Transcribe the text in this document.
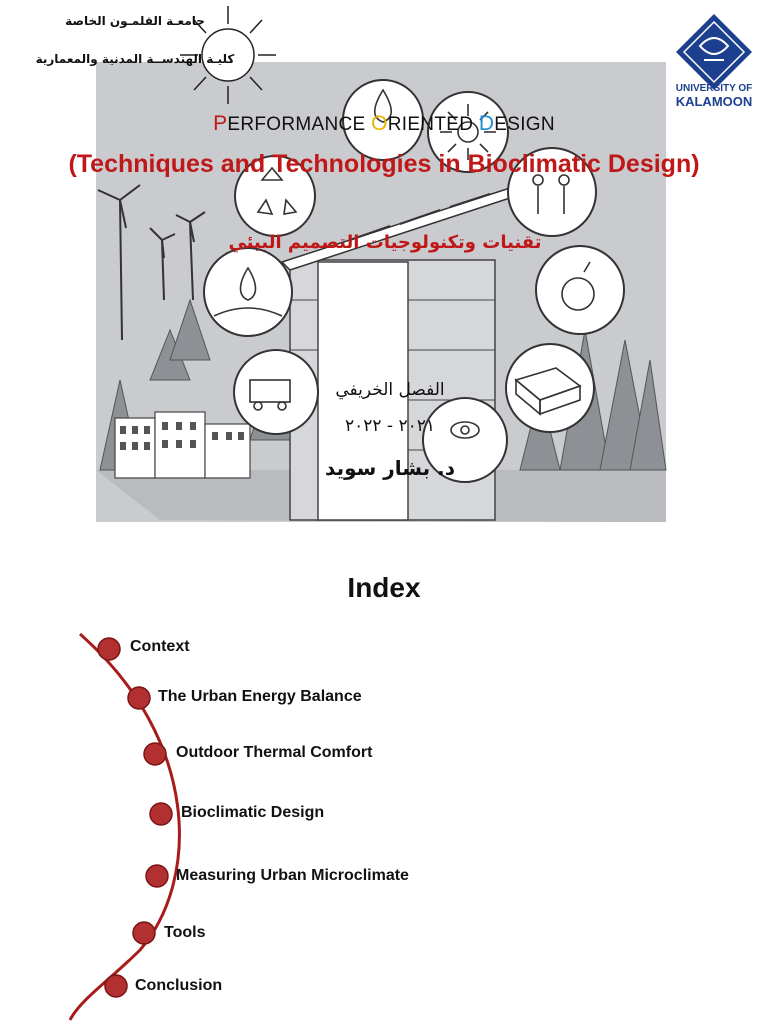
جامعـة القلمـون الخاصة
كليـة الهندســة المدنية والمعمارية
UNIVERSITY OF
KALAMOON
PERFORMANCE ORIENTED DESIGN
(Techniques and Technologies in Bioclimatic Design)
تقنيات وتكنولوجيات التصميم البيئي
الفصل الخريفي
٢٠٢١ - ٢٠٢٢
د. بشار سويد
Index
Context
The Urban Energy Balance
Outdoor Thermal Comfort
Bioclimatic Design
Measuring Urban Microclimate
Tools
Conclusion
